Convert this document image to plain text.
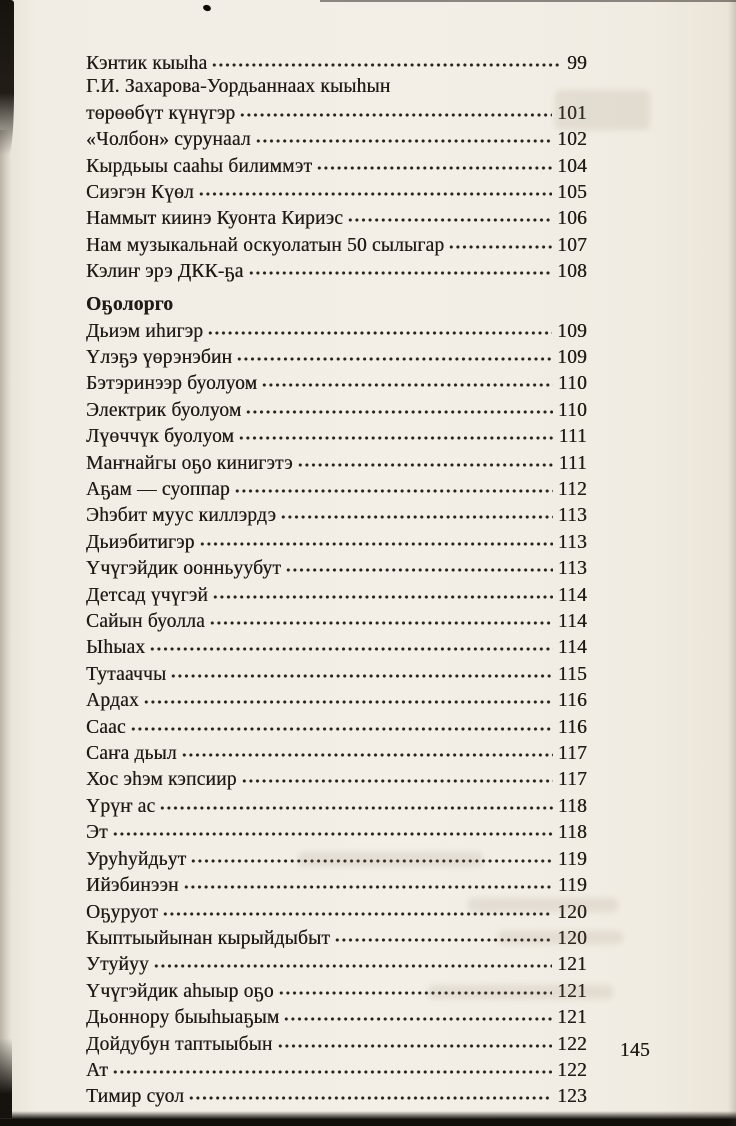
Кэнтик кыыһа	99
Г.И. Захарова-Уордьаннаах кыыһын
төрөөбүт күнүгэр	101
«Чолбон» сурунаал	102
Кырдьыы сааһы билиммэт	104
Сиэгэн Күөл	105
Наммыт киинэ Куонта Кириэс	106
Нам музыкальнай оскуолатын 50 сылыгар	107
Кэлиҥ эрэ ДКК-ҕа	108
Оҕолорго
Дьиэм иһигэр	109
Үлэҕэ үөрэнэбин	109
Бэтэринээр буолуом	110
Электрик буолуом	110
Лүөччүк буолуом	111
Маҥнайгы оҕо кинигэтэ	111
Аҕам — суоппар	112
Эһэбит муус киллэрдэ	113
Дьиэбитигэр	113
Үчүгэйдик оонньуубут	113
Детсад үчүгэй	114
Сайын буолла	114
Ыһыах	114
Тутааччы	115
Ардах	116
Саас	116
Саҥа дьыл	117
Хос эһэм кэпсиир	117
Үрүҥ ас	118
Эт	118
Уруһуйдьут	119
Ийэбинээн	119
Оҕуруот	120
Кыптыыйынан кырыйдыбыт	120
Утуйуу	121
Үчүгэйдик аһыыр оҕо	121
Дьоннору быыһыаҕым	121
Дойдубун таптыыбын	122
Ат	122
Тимир суол	123
145
